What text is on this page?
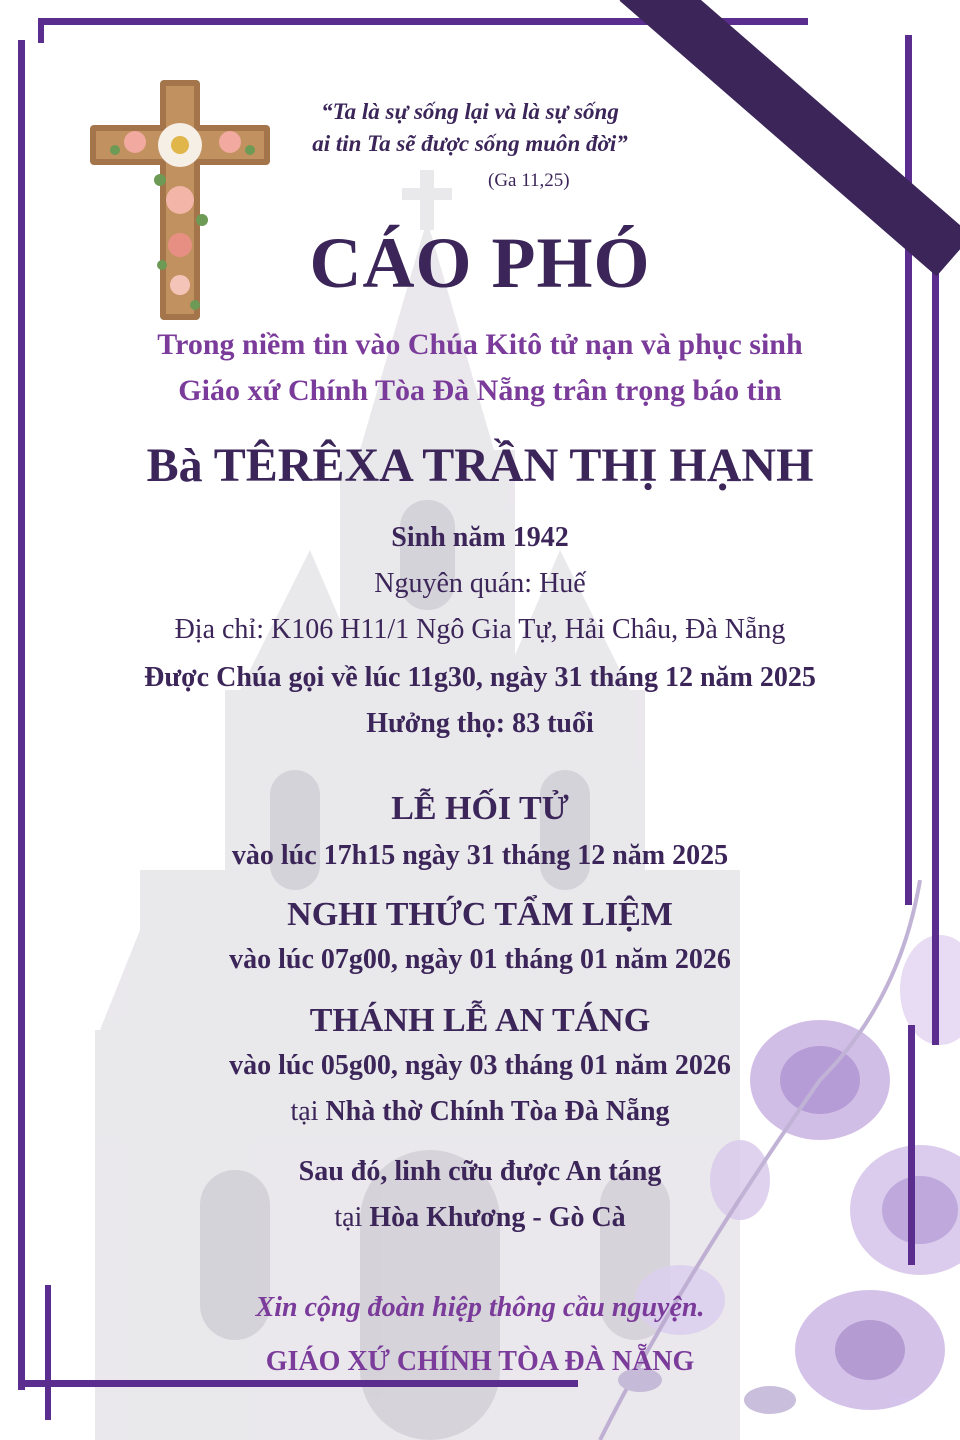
“Ta là sự sống lại và là sự sống
ai tin Ta sẽ được sống muôn đời”
(Ga 11,25)
CÁO PHÓ
Trong niềm tin vào Chúa Kitô tử nạn và phục sinh
Giáo xứ Chính Tòa Đà Nẵng trân trọng báo tin
Bà TÊRÊXA TRẦN THỊ HẠNH
Sinh năm 1942
Nguyên quán: Huế
Địa chỉ: K106 H11/1 Ngô Gia Tự, Hải Châu, Đà Nẵng
Được Chúa gọi về lúc 11g30, ngày 31 tháng 12 năm 2025
Hưởng thọ: 83 tuổi
LỄ HỐI TỬ
vào lúc 17h15 ngày 31 tháng 12 năm 2025
NGHI THỨC TẨM LIỆM
vào lúc 07g00, ngày 01 tháng 01 năm 2026
THÁNH LỄ AN TÁNG
vào lúc 05g00, ngày 03 tháng 01 năm 2026
tại Nhà thờ Chính Tòa Đà Nẵng
Sau đó, linh cữu được An táng
tại Hòa Khương - Gò Cà
Xin cộng đoàn hiệp thông cầu nguyện.
GIÁO XỨ CHÍNH TÒA ĐÀ NẴNG
